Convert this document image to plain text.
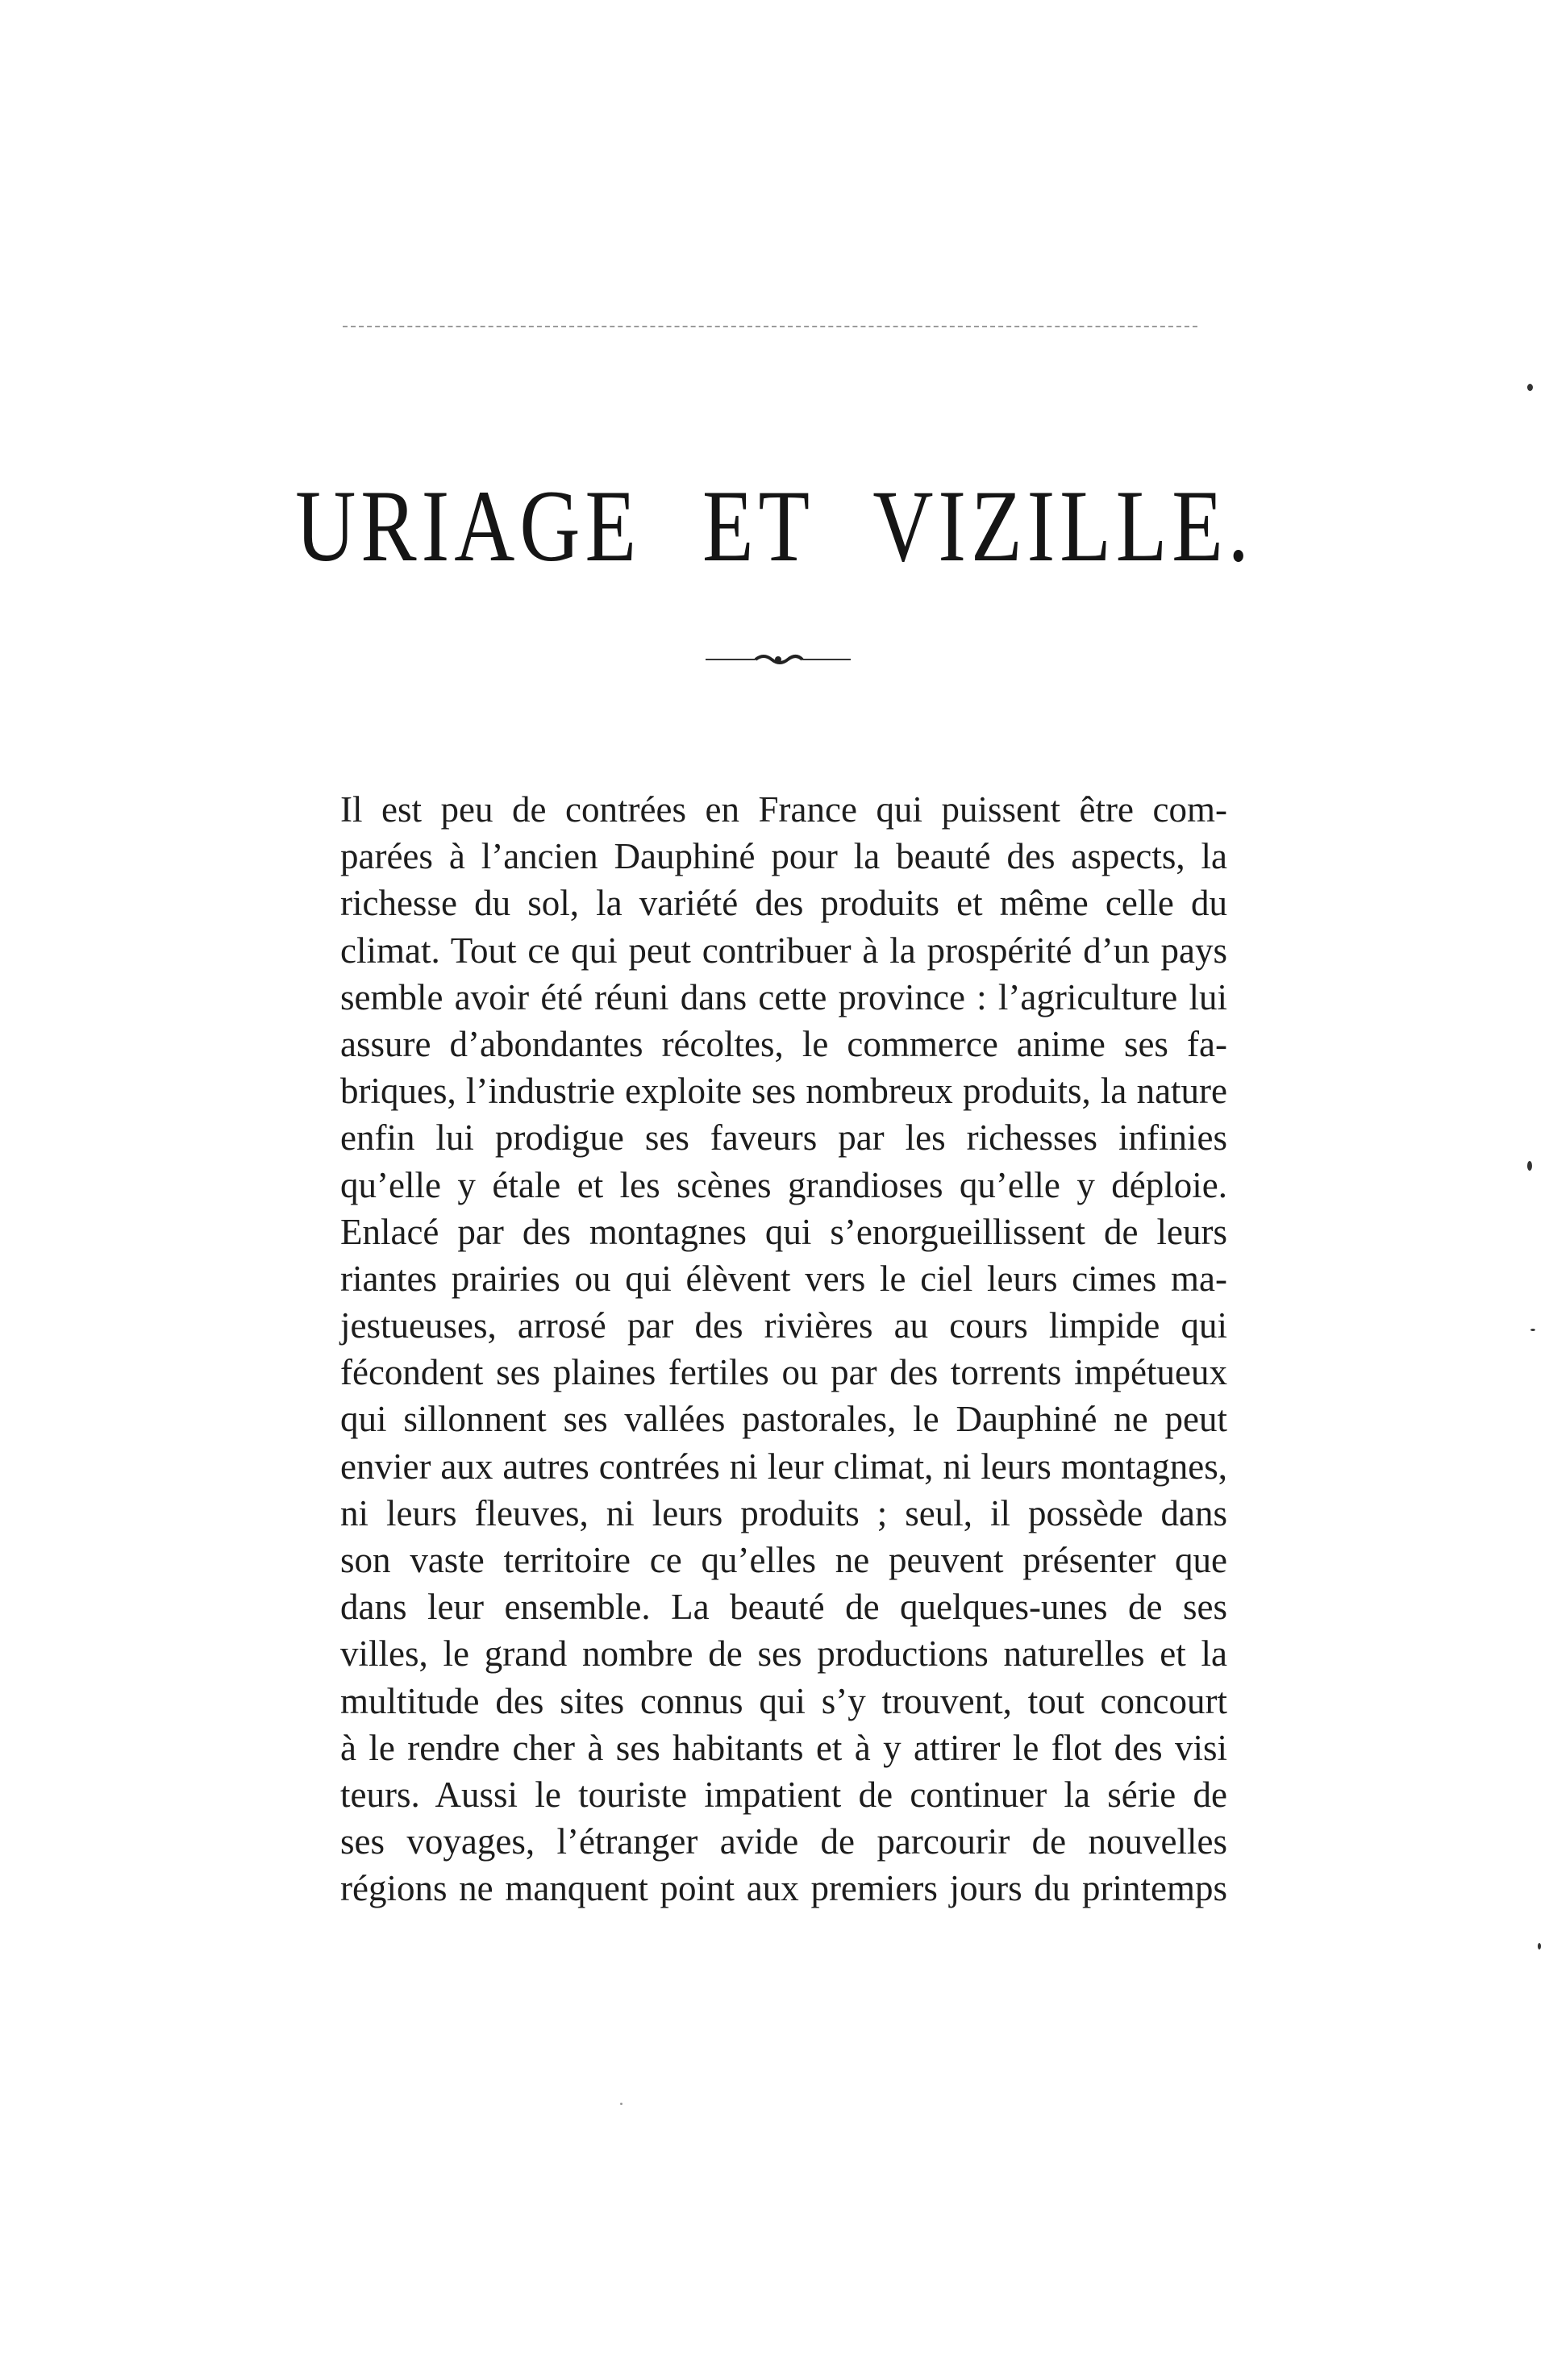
URIAGE ET VIZILLE.
Il est peu de contrées en France qui puissent être com-
parées à l’ancien Dauphiné pour la beauté des aspects, la
richesse du sol, la variété des produits et même celle du
climat. Tout ce qui peut contribuer à la prospérité d’un pays
semble avoir été réuni dans cette province : l’agriculture lui
assure d’abondantes récoltes, le commerce anime ses fa-
briques, l’industrie exploite ses nombreux produits, la nature
enfin lui prodigue ses faveurs par les richesses infinies
qu’elle y étale et les scènes grandioses qu’elle y déploie.
Enlacé par des montagnes qui s’enorgueillissent de leurs
riantes prairies ou qui élèvent vers le ciel leurs cimes ma-
jestueuses, arrosé par des rivières au cours limpide qui
fécondent ses plaines fertiles ou par des torrents impétueux
qui sillonnent ses vallées pastorales, le Dauphiné ne peut
envier aux autres contrées ni leur climat, ni leurs montagnes,
ni leurs fleuves, ni leurs produits ; seul, il possède dans
son vaste territoire ce qu’elles ne peuvent présenter que
dans leur ensemble. La beauté de quelques-unes de ses
villes, le grand nombre de ses productions naturelles et la
multitude des sites connus qui s’y trouvent, tout concourt
à le rendre cher à ses habitants et à y attirer le flot des visi
teurs. Aussi le touriste impatient de continuer la série de
ses voyages, l’étranger avide de parcourir de nouvelles
régions ne manquent point aux premiers jours du printemps
